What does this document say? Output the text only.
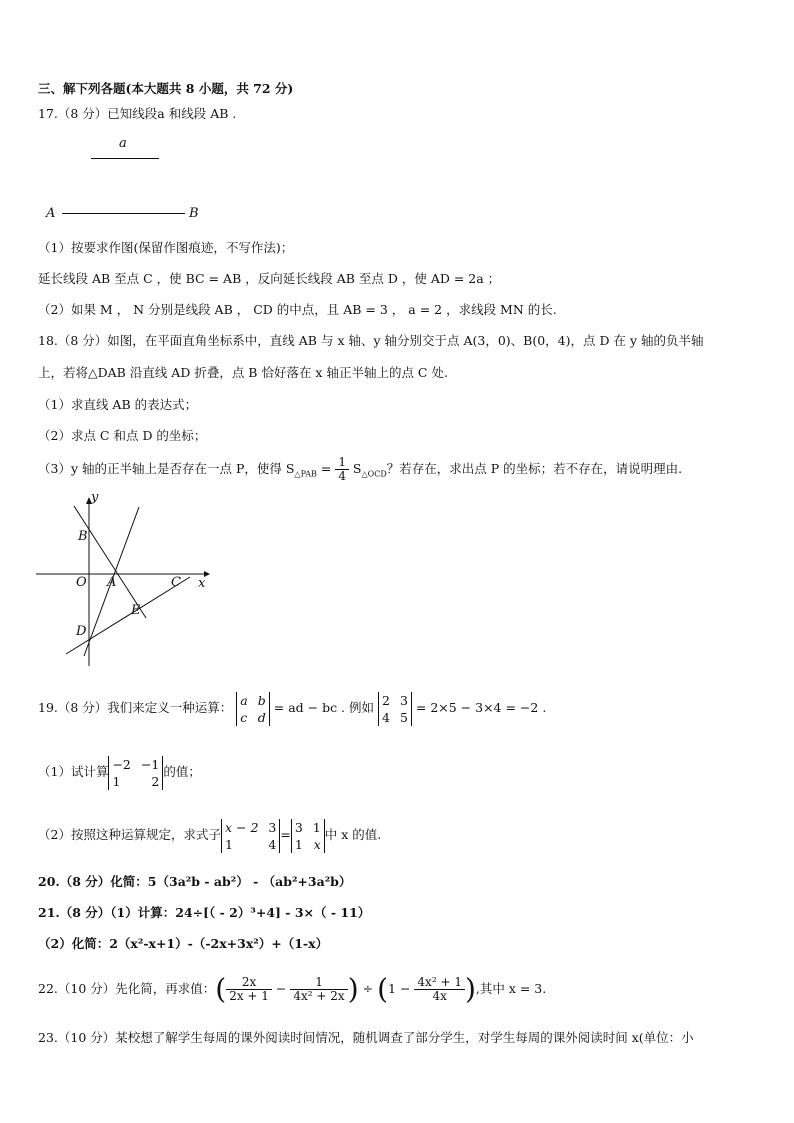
三、解下列各题(本大题共 8 小题，共 72 分)
17.（8 分）已知线段a 和线段 AB .
a
A	B
（1）按要求作图(保留作图痕迹，不写作法)；
延长线段 AB 至点 C ，使 BC = AB ，反向延长线段 AB 至点 D ，使 AD = 2a ；
（2）如果 M ， N 分别是线段 AB ， CD 的中点，且 AB = 3 ， a = 2 ，求线段 MN 的长.
18.（8 分）如图，在平面直角坐标系中，直线 AB 与 x 轴、y 轴分别交于点 A(3，0)、B(0，4)，点 D 在 y 轴的负半轴
上，若将△DAB 沿直线 AD 折叠，点 B 恰好落在 x 轴正半轴上的点 C 处.
（1）求直线 AB 的表达式；
（2）求点 C 和点 D 的坐标；
（3）y 轴的正半轴上是否存在一点 P，使得 $S_{\triangle PAB} = \frac{1}{4} S_{\triangle OCD}$？若存在，求出点 P 的坐标；若不存在，请说明理由.
y
x
B
O A	C
E
D
19.（8 分）我们来定义一种运算： a b
c d
= ad − bc . 例如 2 3
4 5
= 2×5 − 3×4 = −2 .
（1）试计算 −2 −1
1 2
的值；
（2）按照这种运算规定，求式子 x − 2 3
1	4
= 3 1
1 x
中 x 的值.
20.（8 分）化简：5（3a²b - ab²） - （ab²+3a²b）
21.（8 分）（1）计算：24÷[（ - 2）³+4] - 3×（ - 11）
（2）化简：2（x²-x+1）-（-2x+3x²）+（1-x）
22.（10 分）先化简，再求值：( $\frac{2x}{2x + 1} - \frac{1}{\text{4x² + 2x}}$ ) ÷ ($1 - \frac{\text{4x² + 1}}{4x}$ ),其中 x = 3.
23.（10 分）某校想了解学生每周的课外阅读时间情况，随机调查了部分学生，对学生每周的课外阅读时间 x(单位：小
